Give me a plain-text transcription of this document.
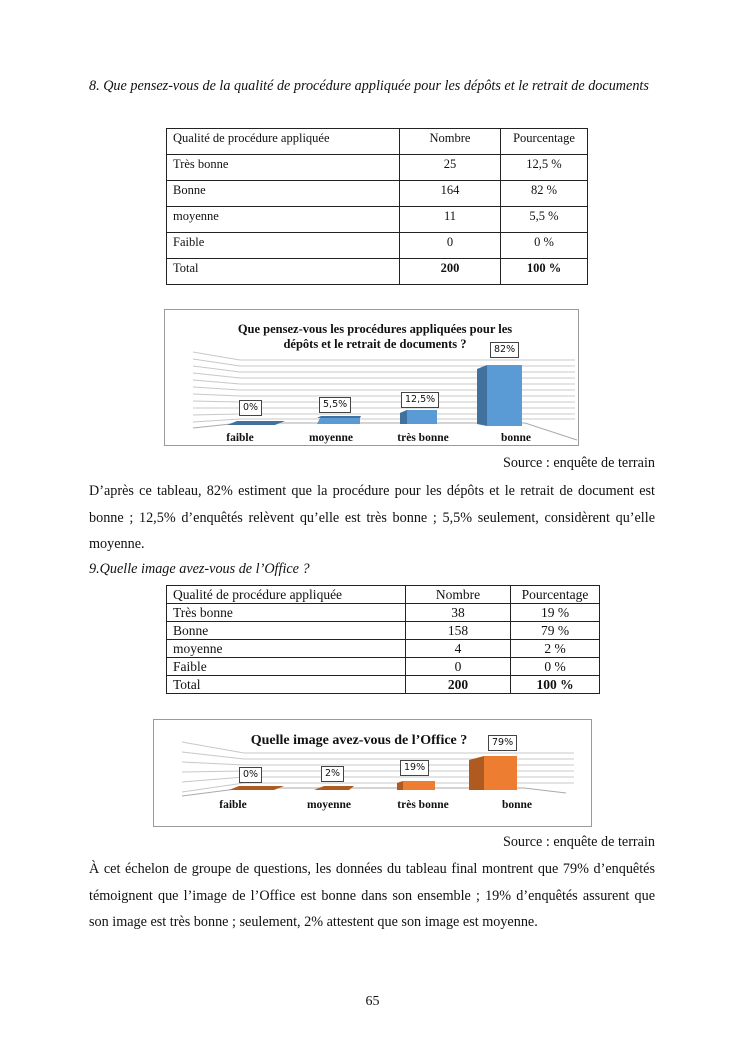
8. Que pensez-vous de la qualité de procédure appliquée pour les dépôts et le retrait de documents
Qualité de procédure appliquée	Nombre	Pourcentage
Très bonne	25	12,5 %
Bonne	164	82 %
moyenne	11	5,5 %
Faible	0	0 %
Total	200	100 %
Que pensez-vous les procédures appliquées pour les
dépôts et le retrait de documents ?
0%	5,5%	12,5%
82%
faible	moyenne	très bonne	bonne
Source : enquête de terrain
D’après ce tableau, 82% estiment que la procédure pour les dépôts et le retrait de document est bonne ; 12,5% d’enquêtés relèvent qu’elle est très bonne ; 5,5% seulement, considèrent qu’elle moyenne.
9.Quelle image avez-vous de l’Office ?
Qualité de procédure appliquée	Nombre	Pourcentage
Très bonne	38	19 %
Bonne	158	79 %
moyenne	4	2 %
Faible	0	0 %
Total	200	100 %
Quelle image avez-vous de l’Office ?
0%	2%
19%
79%
faible	moyenne	très bonne	bonne
Source : enquête de terrain
À cet échelon de groupe de questions, les données du tableau final montrent que 79% d’enquêtés témoignent que l’image de l’Office est bonne dans son ensemble ; 19% d’enquêtés assurent que son image est très bonne ; seulement, 2% attestent que son image est moyenne.
65
